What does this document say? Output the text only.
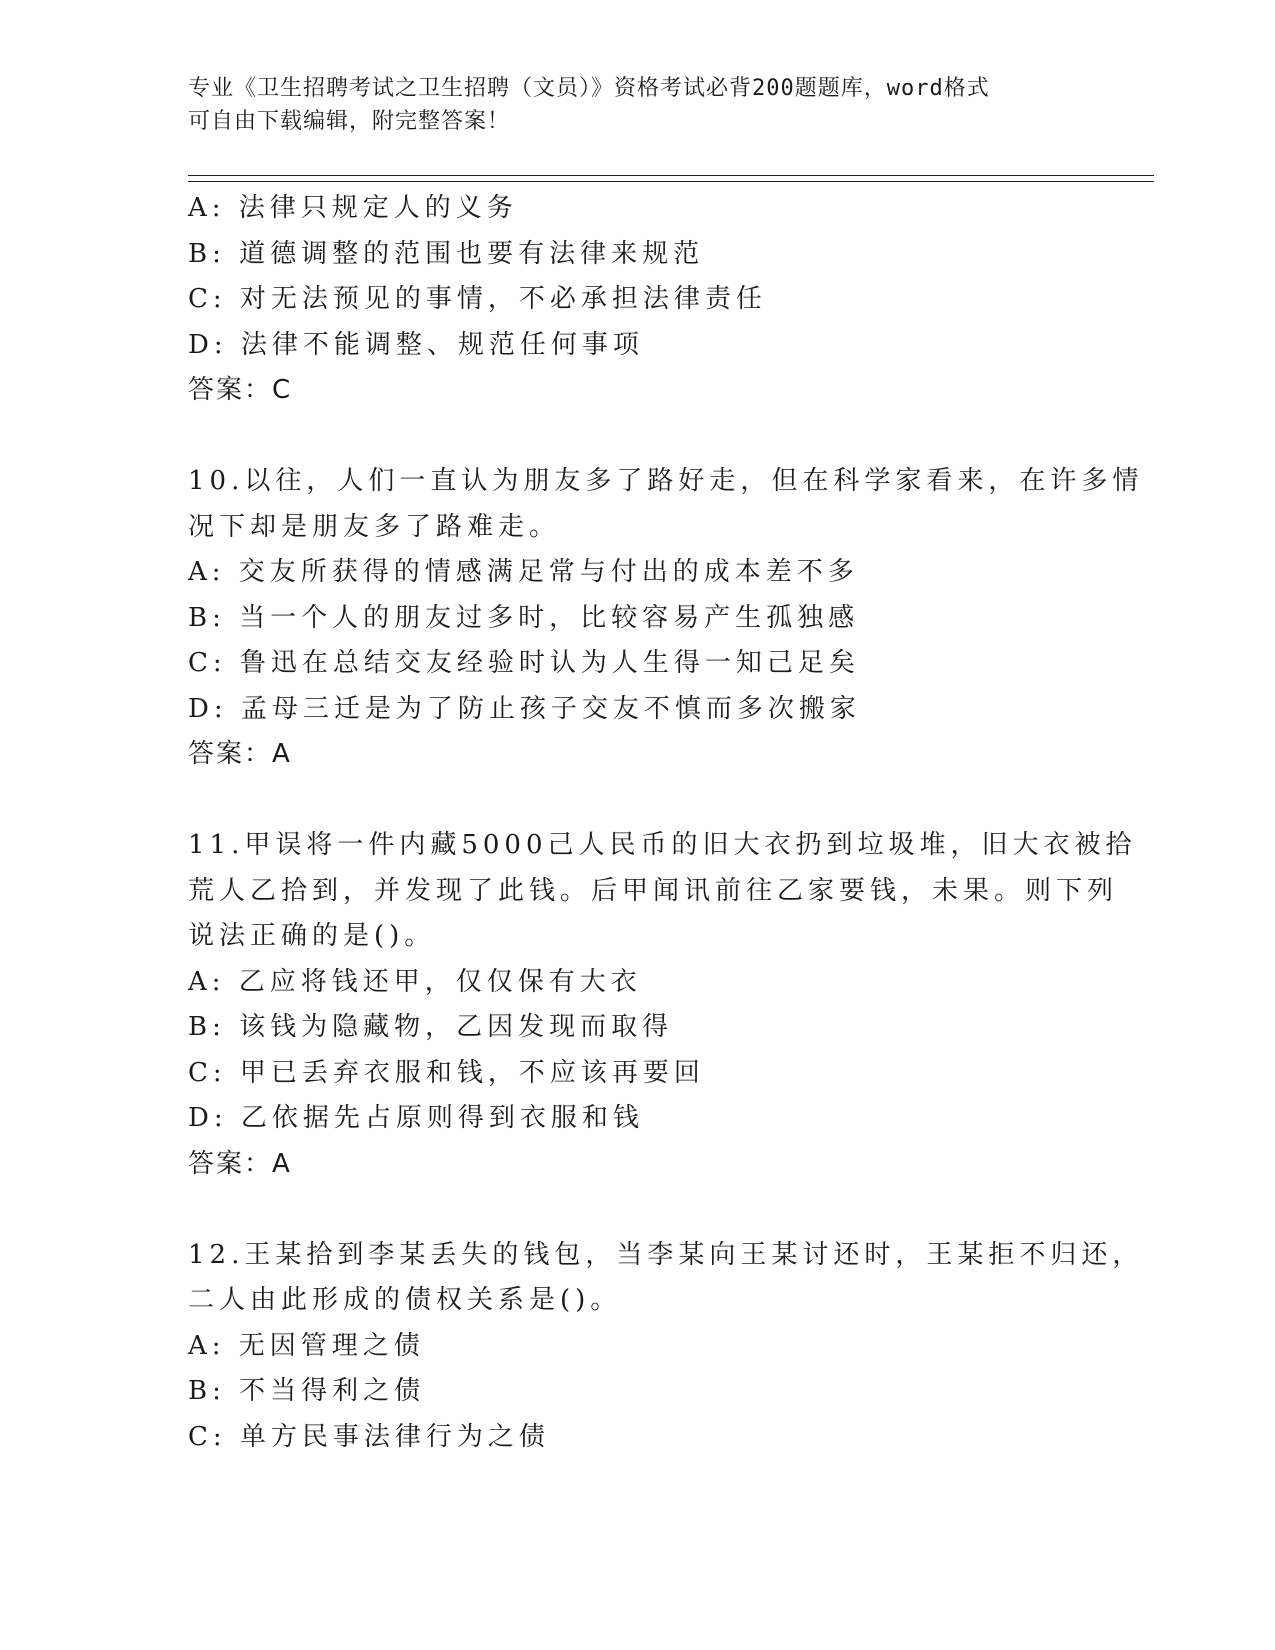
专业《卫生招聘考试之卫生招聘（文员）》资格考试必背200题题库，word格式
可自由下载编辑，附完整答案！
A: 法律只规定人的义务
B: 道德调整的范围也要有法律来规范
C: 对无法预见的事情，不必承担法律责任
D: 法律不能调整、规范任何事项
答案：C
10.以往，人们一直认为朋友多了路好走，但在科学家看来，在许多情
况下却是朋友多了路难走。
A: 交友所获得的情感满足常与付出的成本差不多
B: 当一个人的朋友过多时，比较容易产生孤独感
C: 鲁迅在总结交友经验时认为人生得一知己足矣
D: 孟母三迁是为了防止孩子交友不慎而多次搬家
答案：A
11.甲误将一件内藏5000己人民币的旧大衣扔到垃圾堆，旧大衣被拾
荒人乙拾到，并发现了此钱。后甲闻讯前往乙家要钱，未果。则下列
说法正确的是()。
A: 乙应将钱还甲，仅仅保有大衣
B: 该钱为隐藏物，乙因发现而取得
C: 甲已丢弃衣服和钱，不应该再要回
D: 乙依据先占原则得到衣服和钱
答案：A
12.王某拾到李某丢失的钱包，当李某向王某讨还时，王某拒不归还，
二人由此形成的债权关系是()。
A: 无因管理之债
B: 不当得利之债
C: 单方民事法律行为之债
